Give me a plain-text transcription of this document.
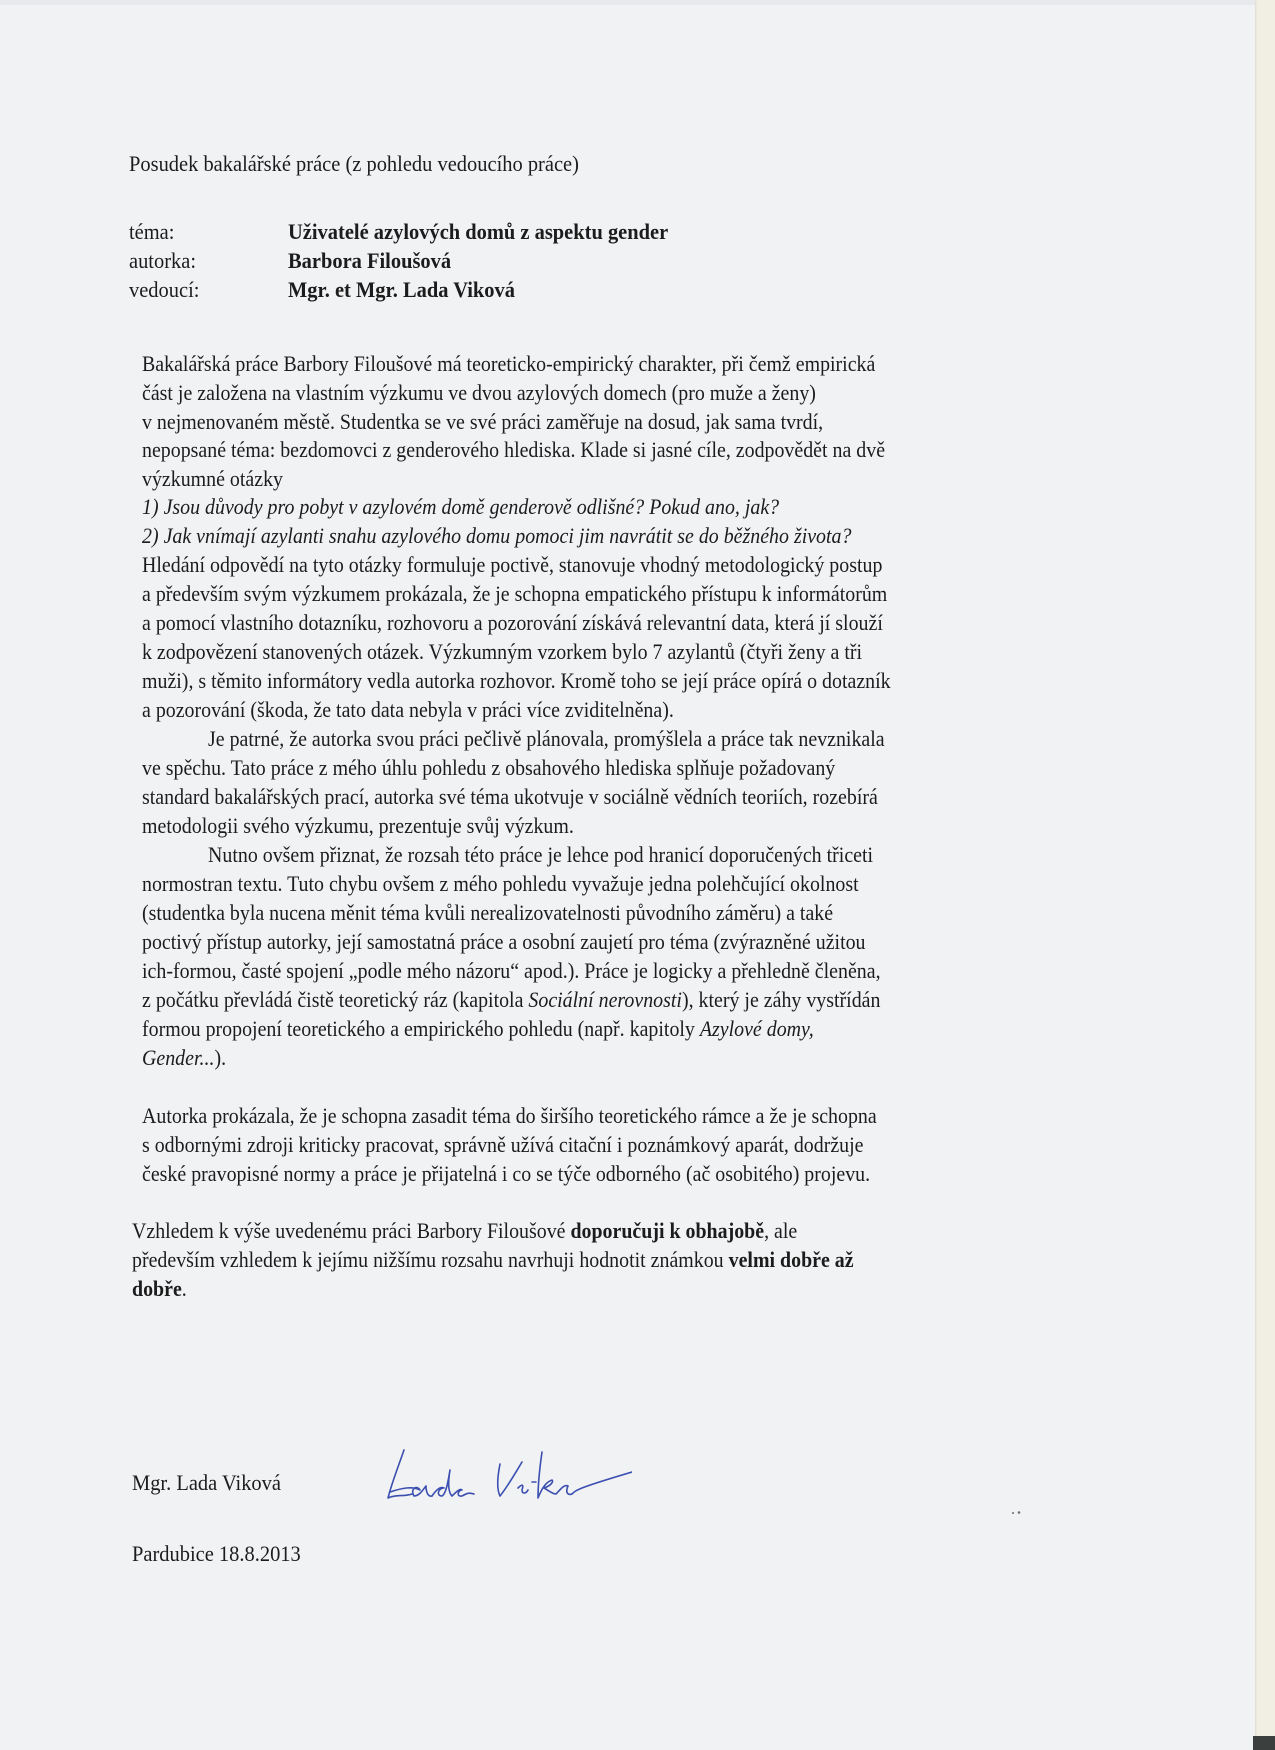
Posudek bakalářské práce (z pohledu vedoucího práce)
téma:	Uživatelé azylových domů z aspektu gender
autorka:	Barbora Filoušová
vedoucí:	Mgr. et Mgr. Lada Viková
Bakalářská práce Barbory Filoušové má teoreticko-empirický charakter, při čemž empirická
část je založena na vlastním výzkumu ve dvou azylových domech (pro muže a ženy)
v nejmenovaném městě. Studentka se ve své práci zaměřuje na dosud, jak sama tvrdí,
nepopsané téma: bezdomovci z genderového hlediska. Klade si jasné cíle, zodpovědět na dvě
výzkumné otázky
1) Jsou důvody pro pobyt v azylovém domě genderově odlišné? Pokud ano, jak?
2) Jak vnímají azylanti snahu azylového domu pomoci jim navrátit se do běžného života?
Hledání odpovědí na tyto otázky formuluje poctivě, stanovuje vhodný metodologický postup
a především svým výzkumem prokázala, že je schopna empatického přístupu k informátorům
a pomocí vlastního dotazníku, rozhovoru a pozorování získává relevantní data, která jí slouží
k zodpovězení stanovených otázek. Výzkumným vzorkem bylo 7 azylantů (čtyři ženy a tři
muži), s těmito informátory vedla autorka rozhovor. Kromě toho se její práce opírá o dotazník
a pozorování (škoda, že tato data nebyla v práci více zviditelněna).
Je patrné, že autorka svou práci pečlivě plánovala, promýšlela a práce tak nevznikala
ve spěchu. Tato práce z mého úhlu pohledu z obsahového hlediska splňuje požadovaný
standard bakalářských prací, autorka své téma ukotvuje v sociálně vědních teoriích, rozebírá
metodologii svého výzkumu, prezentuje svůj výzkum.
Nutno ovšem přiznat, že rozsah této práce je lehce pod hranicí doporučených třiceti
normostran textu. Tuto chybu ovšem z mého pohledu vyvažuje jedna polehčující okolnost
(studentka byla nucena měnit téma kvůli nerealizovatelnosti původního záměru) a také
poctivý přístup autorky, její samostatná práce a osobní zaujetí pro téma (zvýrazněné užitou
ich-formou, časté spojení „podle mého názoru“ apod.). Práce je logicky a přehledně členěna,
z počátku převládá čistě teoretický ráz (kapitola Sociální nerovnosti), který je záhy vystřídán
formou propojení teoretického a empirického pohledu (např. kapitoly Azylové domy,
Gender...).
Autorka prokázala, že je schopna zasadit téma do širšího teoretického rámce a že je schopna
s odbornými zdroji kriticky pracovat, správně užívá citační i poznámkový aparát, dodržuje
české pravopisné normy a práce je přijatelná i co se týče odborného (ač osobitého) projevu.
Vzhledem k výše uvedenému práci Barbory Filoušové doporučuji k obhajobě, ale
především vzhledem k jejímu nižšímu rozsahu navrhuji hodnotit známkou velmi dobře až
dobře.
Mgr. Lada Viková
Pardubice 18.8.2013
